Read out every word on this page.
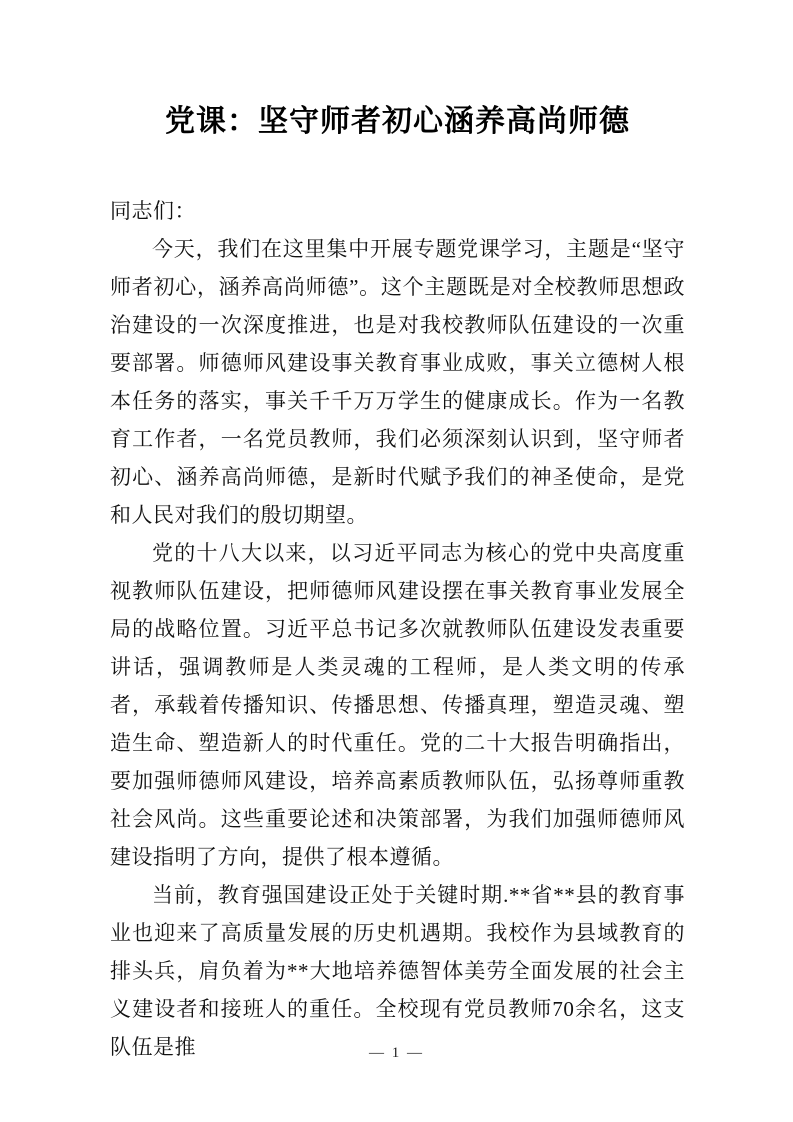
党课：坚守师者初心涵养高尚师德

同志们：

今天，我们在这里集中开展专题党课学习，主题是“坚守师者初心，涵养高尚师德”。这个主题既是对全校教师思想政治建设的一次深度推进，也是对我校教师队伍建设的一次重要部署。师德师风建设事关教育事业成败，事关立德树人根本任务的落实，事关千千万万学生的健康成长。作为一名教育工作者，一名党员教师，我们必须深刻认识到，坚守师者初心、涵养高尚师德，是新时代赋予我们的神圣使命，是党和人民对我们的殷切期望。

党的十八大以来，以习近平同志为核心的党中央高度重视教师队伍建设，把师德师风建设摆在事关教育事业发展全局的战略位置。习近平总书记多次就教师队伍建设发表重要讲话，强调教师是人类灵魂的工程师，是人类文明的传承者，承载着传播知识、传播思想、传播真理，塑造灵魂、塑造生命、塑造新人的时代重任。党的二十大报告明确指出，要加强师德师风建设，培养高素质教师队伍，弘扬尊师重教社会风尚。这些重要论述和决策部署，为我们加强师德师风建设指明了方向，提供了根本遵循。

当前，教育强国建设正处于关键时期.**省**县的教育事业也迎来了高质量发展的历史机遇期。我校作为县域教育的排头兵，肩负着为**大地培养德智体美劳全面发展的社会主义建设者和接班人的重任。全校现有党员教师70余名，这支队伍是推	— 1 —
